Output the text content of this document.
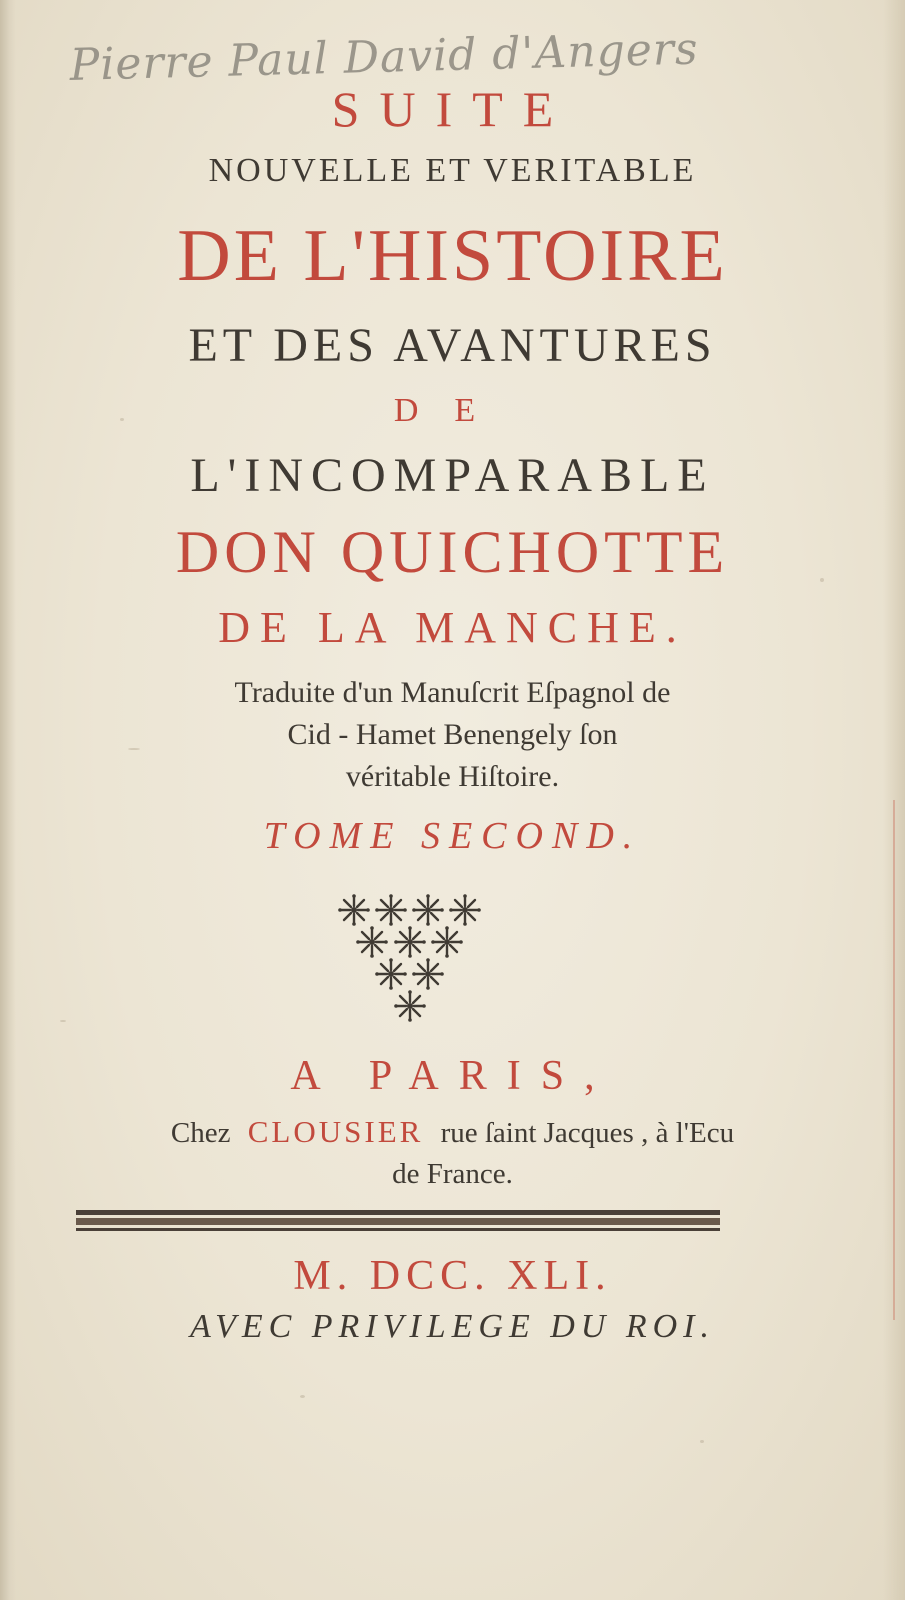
Pierre Paul David d'Angers
SUITE
NOUVELLE ET VERITABLE
DE L'HISTOIRE
ET DES AVANTURES
DE
L'INCOMPARABLE
DON QUICHOTTE
DE LA MANCHE.
Traduite d'un Manuſcrit Eſpagnol de
Cid - Hamet Benengely ſon
véritable Hiſtoire.
TOME SECOND.
A PARIS,
Chez CLOUSIER rue ſaint Jacques , à l'Ecu
de France.
M. DCC. XLI.
AVEC PRIVILEGE DU ROI.
